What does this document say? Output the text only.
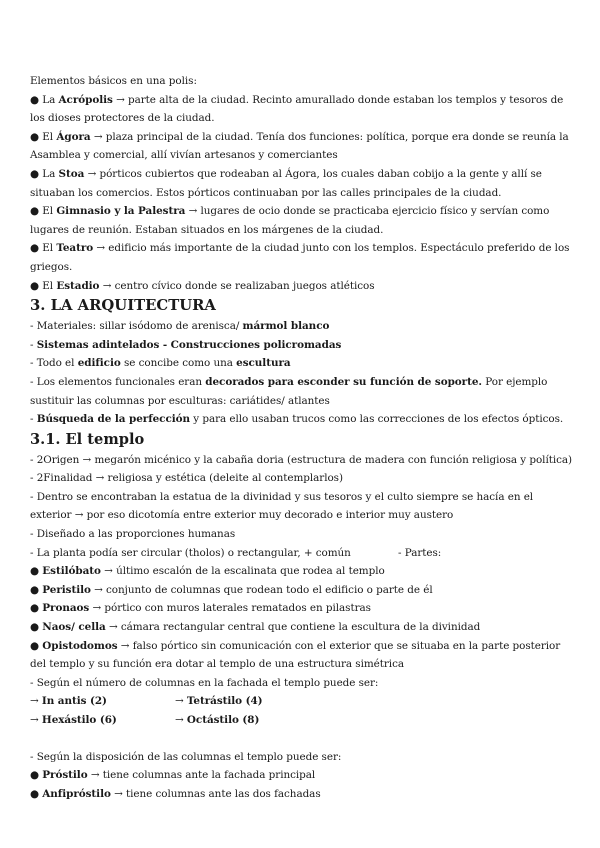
Elementos básicos en una polis:

● La Acrópolis → parte alta de la ciudad. Recinto amurallado donde estaban los templos y tesoros de los dioses protectores de la ciudad.

● El Ágora → plaza principal de la ciudad. Tenía dos funciones: política, porque era donde se reunía la Asamblea y comercial, allí vivían artesanos y comerciantes

● La Stoa → pórticos cubiertos que rodeaban al Ágora, los cuales daban cobijo a la gente y allí se situaban los comercios. Estos pórticos continuaban por las calles principales de la ciudad.

● El Gimnasio y la Palestra → lugares de ocio donde se practicaba ejercicio físico y servían como lugares de reunión. Estaban situados en los márgenes de la ciudad.

● El Teatro → edificio más importante de la ciudad junto con los templos. Espectáculo preferido de los griegos.

● El Estadio → centro cívico donde se realizaban juegos atléticos

3. LA ARQUITECTURA

- Materiales: sillar isódomo de arenisca/ mármol blanco

- Sistemas adintelados - Construcciones policromadas

- Todo el edificio se concibe como una escultura

- Los elementos funcionales eran decorados para esconder su función de soporte. Por ejemplo sustituir las columnas por esculturas: cariátides/ atlantes

- Búsqueda de la perfección y para ello usaban trucos como las correcciones de los efectos ópticos.

3.1. El templo

- 2Origen → megarón micénico y la cabaña doria (estructura de madera con función religiosa y política)

- 2Finalidad → religiosa y estética (deleite al contemplarlos)

- Dentro se encontraban la estatua de la divinidad y sus tesoros y el culto siempre se hacía en el exterior → por eso dicotomía entre exterior muy decorado e interior muy austero

- Diseñado a las proporciones humanas

- La planta podía ser circular (tholos) o rectangular, + común	- Partes:

● Estilóbato → último escalón de la escalinata que rodea al templo

● Peristilo → conjunto de columnas que rodean todo el edificio o parte de él

● Pronaos → pórtico con muros laterales rematados en pilastras

● Naos/ cella → cámara rectangular central que contiene la escultura de la divinidad

● Opistodomos → falso pórtico sin comunicación con el exterior que se situaba en la parte posterior del templo y su función era dotar al templo de una estructura simétrica

- Según el número de columnas en la fachada el templo puede ser:

→ In antis (2)	→ Tetrástilo (4)

→ Hexástilo (6)	→ Octástilo (8)

- Según la disposición de las columnas el templo puede ser:

● Próstilo → tiene columnas ante la fachada principal

● Anfipróstilo → tiene columnas ante las dos fachadas
